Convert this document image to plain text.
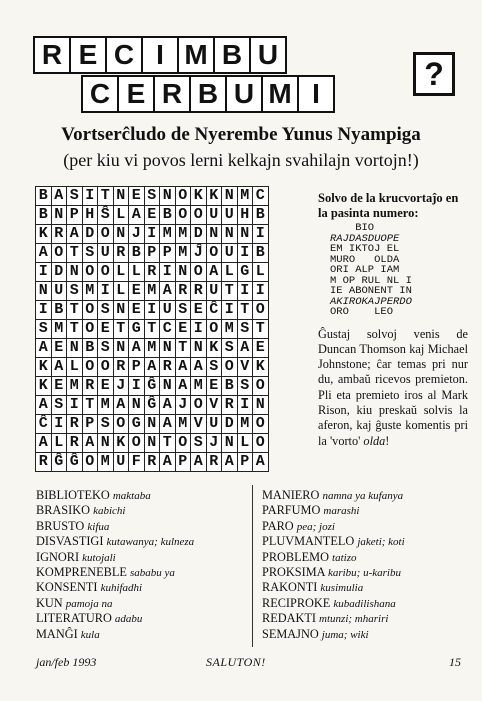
R E C I M B U
C E R B U M I
?
Vortserĉludo de Nyerembe Yunus Nyampiga
(per kiu vi povos lerni kelkajn svahilajn vortojn!)
B	A	S	I	T	N	E	S	N	O	K	K	N	M	C
B	N	P	H	Ŝ	L	A	E	B	O	O	U	U	H	B
K	R	A	D	O	N	J	I	M	M	D	N	N	N	I
A	O	T	S	U	R	B	P	P	M	Ĵ	O	U	I	B
I	D	N	O	O	L	L	R	I	N	O	A	L	G	L
N	U	S	M	I	L	E	M	A	R	R	U	T	I	I
I	B	T	O	S	N	E	I	U	S	E	Ĉ	I	T	O
S	M	T	O	E	T	G	T	C	E	I	O	M	S	T
A	E	N	B	S	N	A	M	N	T	N	K	S	A	E
K	A	L	O	O	R	P	A	R	A	A	S	O	V	K
K	E	M	R	E	J	I	Ĝ	N	A	M	E	B	S	O
A	S	I	T	M	A	N	Ĝ	A	J	O	V	R	I	N
Ĉ	I	R	P	S	O	G	N	A	M	V	U	D	M	O
A	L	R	A	N	K	O	N	T	O	S	J	N	L	O
R	Ĝ	Ĝ	O	M	U	F	R	A	P	A	R	A	P	A
Solvo de la krucvortaĵo en la pasinta numero:
BIO
RAJDASDUOPE
EM IKTOJ EL
MURO   OLDA
ORI ALP IAM
M OP RUL NL I
IE ABONENT IN
AKIROKAJPERDO
ORO    LEO
Ĝustaj solvoj venis de Duncan Thomson kaj Michael Johnstone; ĉar temas pri nur du, ambaŭ ricevos premieton. Pli eta premieto iros al Mark Rison, kiu preskaŭ solvis la aferon, kaj ĝuste komentis pri la 'vorto' olda!
BIBLIOTEKO maktaba
BRASIKO kabichi
BRUSTO kifua
DISVASTIGI kutawanya; kulneza
IGNORI kutojali
KOMPRENEBLE sababu ya
KONSENTI kuhifadhi
KUN pamoja na
LITERATURO adabu
MANĜI kula
MANIERO namna ya kufanya
PARFUMO marashi
PARO pea; jozi
PLUVMANTELO jaketi; koti
PROBLEMO tatizo
PROKSIMA karibu; u-karibu
RAKONTI kusimulia
RECIPROKE kubadilishana
REDAKTI mtunzi; mhariri
SEMAJNO juma; wiki
jan/feb 1993	SALUTON!	15
